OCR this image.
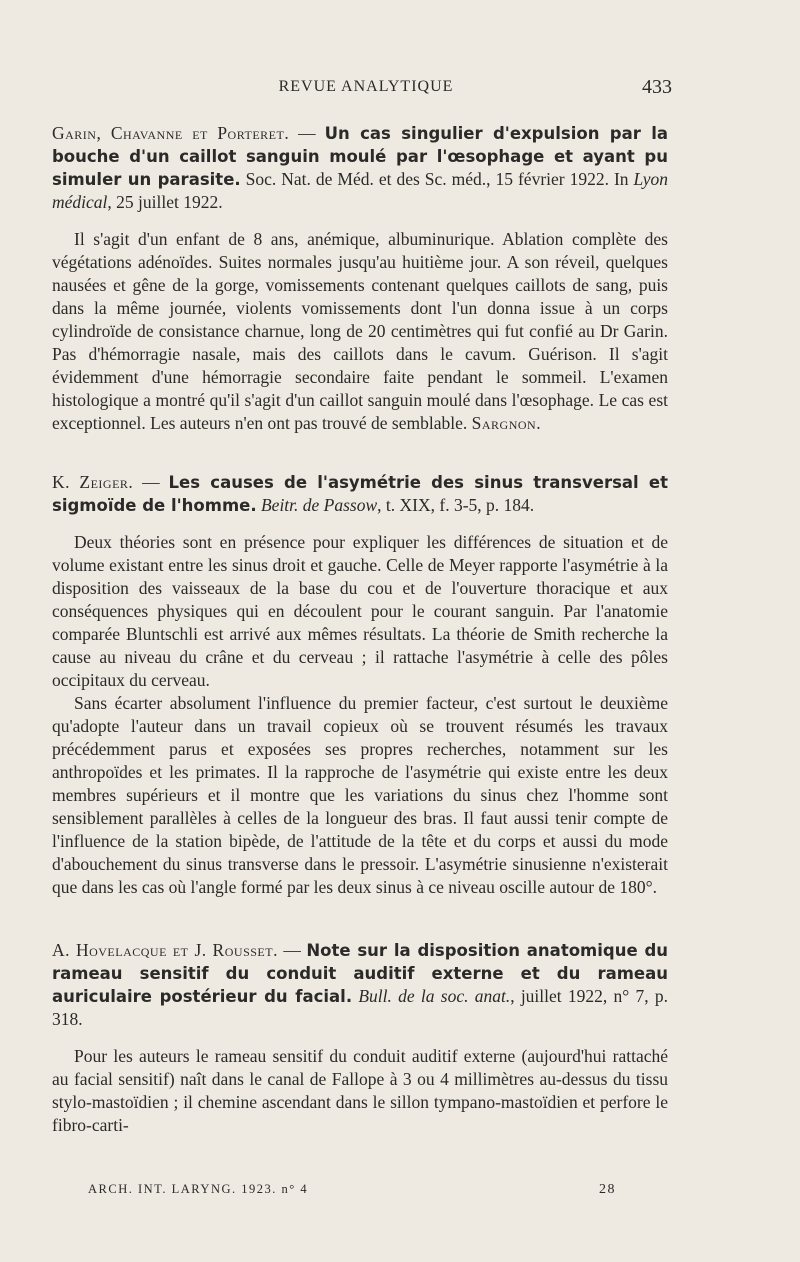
REVUE ANALYTIQUE	433

Garin, Chavanne et Porteret. — Un cas singulier d'expulsion par la bouche d'un caillot sanguin moulé par l'œsophage et ayant pu simuler un parasite. Soc. Nat. de Méd. et des Sc. méd., 15 février 1922. In Lyon médical, 25 juillet 1922.

Il s'agit d'un enfant de 8 ans, anémique, albuminurique. Ablation complète des végétations adénoïdes. Suites normales jusqu'au huitième jour. A son réveil, quelques nausées et gêne de la gorge, vomissements contenant quelques caillots de sang, puis dans la même journée, violents vomissements dont l'un donna issue à un corps cylindroïde de consistance charnue, long de 20 centimètres qui fut confié au Dr Garin. Pas d'hémorragie nasale, mais des caillots dans le cavum. Guérison. Il s'agit évidemment d'une hémorragie secondaire faite pendant le sommeil. L'examen histologique a montré qu'il s'agit d'un caillot sanguin moulé dans l'œsophage. Le cas est exceptionnel. Les auteurs n'en ont pas trouvé de semblable. Sargnon.

K. Zeiger. — Les causes de l'asymétrie des sinus transversal et sigmoïde de l'homme. Beitr. de Passow, t. XIX, f. 3-5, p. 184.

Deux théories sont en présence pour expliquer les différences de situation et de volume existant entre les sinus droit et gauche. Celle de Meyer rapporte l'asymétrie à la disposition des vaisseaux de la base du cou et de l'ouverture thoracique et aux conséquences physiques qui en découlent pour le courant sanguin. Par l'anatomie comparée Bluntschli est arrivé aux mêmes résultats. La théorie de Smith recherche la cause au niveau du crâne et du cerveau ; il rattache l'asymétrie à celle des pôles occipitaux du cerveau.

Sans écarter absolument l'influence du premier facteur, c'est surtout le deuxième qu'adopte l'auteur dans un travail copieux où se trouvent résumés les travaux précédemment parus et exposées ses propres recherches, notamment sur les anthropoïdes et les primates. Il la rapproche de l'asymétrie qui existe entre les deux membres supérieurs et il montre que les variations du sinus chez l'homme sont sensiblement parallèles à celles de la longueur des bras. Il faut aussi tenir compte de l'influence de la station bipède, de l'attitude de la tête et du corps et aussi du mode d'abouchement du sinus transverse dans le pressoir. L'asymétrie sinusienne n'existerait que dans les cas où l'angle formé par les deux sinus à ce niveau oscille autour de 180°.

A. Hovelacque et J. Rousset. — Note sur la disposition anatomique du rameau sensitif du conduit auditif externe et du rameau auriculaire postérieur du facial. Bull. de la soc. anat., juillet 1922, n° 7, p. 318.

Pour les auteurs le rameau sensitif du conduit auditif externe (aujourd'hui rattaché au facial sensitif) naît dans le canal de Fallope à 3 ou 4 millimètres au-dessus du tissu stylo-mastoïdien ; il chemine ascendant dans le sillon tympano-mastoïdien et perfore le fibro-carti-

ARCH. INT. LARYNG. 1923. n° 4	28
